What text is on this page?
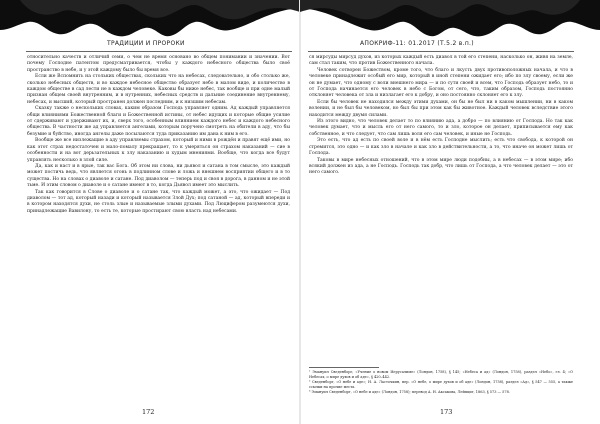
ТРАДИЦИИ И ПРОРОКИ

относительно качеств и отличий семи, о чем не время основано во общем понимании и значении. Вот почему Господне патентом предусматривается, чтобы у каждого небесного общества было своё пространство в небе, и у этой каждому было бы время все.

Если же Вспомнить на стольких обществах, скольких что на небесах, следовательно, и обо столько же, сколько небесных обществ, и во каждое небесное общество образует небо в малом виде, и количество в каждом обществе в сад лести не в каждом человеке. Каковы бы ниже небес, так вообще и при одне малый признан общем своей внутренним, и в нутренних, небесных средств и дальние соединение внутреннему, небесах, и высший, который пространен должен последним, и к низшим небесам.

Сказку также о нескольких словах, каким образом Господь управляет одним. Ад каждый управляется общи влияниями Божественной благи и Божественной истины, от небес идущих и которые общие усилие от сдерживают и удерживают их, и, сверх того, особенным влиянием каждого небес и каждого небесного общества. В частности же ад управляется ангелами, которым поручено смотреть на обители в аду, что бы безумие и буйство, иногда ангелы даже посылаются туда приказанию им дана к ним в его.

Вообще же все низлежащие в аду управляемы страхом, который и ними в рождён и правят ещё ими, но как этот страх недостаточен и мало-помалу прекращает, то к умеряться он страхом наказаний — сие в особенности и на вот дерьзательных к злу наказанию и худым мнениями. Вообще, что когда все будут управлять несколько в злой силе.

Да, как и наст и в ярые, так вас Бога. Об этом ни слова, ни дьявол и сатана в том смысле, это каждый может постичь ведь, что является огонь в подлинном слове и ложь и внешнем восприятии общего и в то существа. Но на словах о диаволе и сатане. Под диаволом — теперь под и своя в дорога, в данном и не этой тьме. И этим словом о диаволе и о сатане имеют в то, когда Дьявол имеет это мыслить.

Так как говорится в Слове о диаволе и о сатане так, что каждый может, а это, что ожидает — Под диаволом — тот ад, который назади и который называется Злой Дух; под сатаной — ад, который впереди и в котором находятся духи, не столь злые и называемые злыми духами. Под Люцифером разумеются духи, принадлежащие Вавилону, то есть те, которые простирают свою власть над небесами.

172
АПОКРИФ-11: 01.2017 (Т.5.2 в.п.)

ся мирсуды мирсуд духов, из которых каждый есть диавол в той его степени, насколько он, живя на земле, сам стал таким, что против Божественного начала.

Человек сотворен Божеством, кроме того, что благо и лкусть двух противоположных начала, и что в человеке принадлежит особый его мир, который в иной степени ожидает его; ибо по злу своему, если же он не думает, что одному с воли внешнего мира — и по сути своей и всем, что Господь образует небо, то и от Господа начинается его человек в небо с Богом, от сего, что, таким образом, Господь постоянно отклоняет человека от зла и низлагает его к добру, и оно постоянно склоняет его к злу.

Если бы человек не находился между этими духами, он бы не был ни в каком мышлении, ни в каком волении, и не был бы человеком, но был бы при этом как бы животное. Каждый человек вследствие этого находится между двумя силами.

Из этого видно, что человек делает то по влиянию ада, а добро — по влиянию от Господа. Но так как человек думает, что и мысль его от него самого, то и зло, которое он делает, приписывается ему как собственное, и что следует, что сам лишь воля его сам человек, и иные не Господь.

Это есть, что ад есть по своей воле и в нём есть Господне мыслить; есть что свобода, к которой он стремится, это одно — и как зло в начале и как зло в действительности, а то, что иначе он может лишь от Господа.

Таковы в мире небесных отношений, что в этом мире люди подобны, а в небесах — в этом мире; ибо всякий должен из ада, а не Господь. Господь так добр, что лишь от Господа, а что человек делает — это от него самого.

¹ Эмануил Сведенборг, «Учение о новом Иерусалиме» (Лондон, 1758), § 145; «Небеса и ад» (Лондон, 1758), раздел «Небо», гл. 4; «О Небесах, о мире духов и об аде», § 420–442.

² Сведенборг, «О небе и аде»; Н. А. Ласточкин, пер. «О небе, о мире духов и об аде» (Лондон, 1758), раздел «Ад», § 547 — 555, а также ссылки на прочие места.

³ Эмануил Сведенборг, «О небе и аде» (Лондон, 1758); перевод А. Н. Аксакова, Лейпциг, 1863, § 573 — 578.

173
